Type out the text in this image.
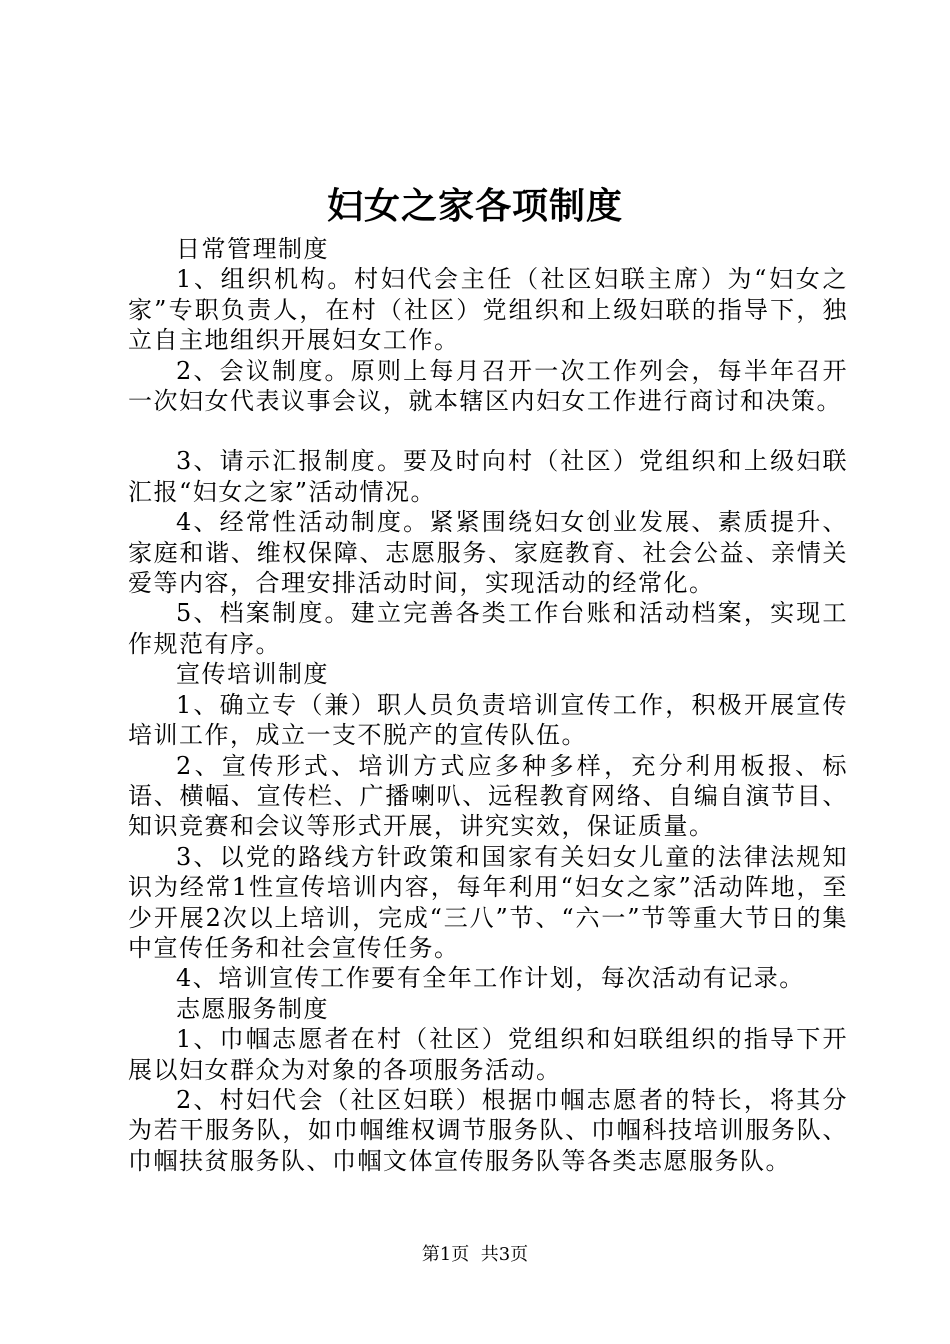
妇女之家各项制度

日常管理制度

1、组织机构。村妇代会主任（社区妇联主席）为“妇女之家”专职负责人，在村（社区）党组织和上级妇联的指导下，独立自主地组织开展妇女工作。

2、会议制度。原则上每月召开一次工作列会，每半年召开一次妇女代表议事会议，就本辖区内妇女工作进行商讨和决策。

3、请示汇报制度。要及时向村（社区）党组织和上级妇联汇报“妇女之家”活动情况。

4、经常性活动制度。紧紧围绕妇女创业发展、素质提升、家庭和谐、维权保障、志愿服务、家庭教育、社会公益、亲情关爱等内容，合理安排活动时间，实现活动的经常化。

5、档案制度。建立完善各类工作台账和活动档案，实现工作规范有序。

宣传培训制度

1、确立专（兼）职人员负责培训宣传工作，积极开展宣传培训工作，成立一支不脱产的宣传队伍。

2、宣传形式、培训方式应多种多样，充分利用板报、标语、横幅、宣传栏、广播喇叭、远程教育网络、自编自演节目、知识竞赛和会议等形式开展，讲究实效，保证质量。

3、以党的路线方针政策和国家有关妇女儿童的法律法规知识为经常1性宣传培训内容，每年利用“妇女之家”活动阵地，至少开展2次以上培训，完成“三八”节、“六一”节等重大节日的集中宣传任务和社会宣传任务。

4、培训宣传工作要有全年工作计划，每次活动有记录。

志愿服务制度

1、巾帼志愿者在村（社区）党组织和妇联组织的指导下开展以妇女群众为对象的各项服务活动。

2、村妇代会（社区妇联）根据巾帼志愿者的特长，将其分为若干服务队，如巾帼维权调节服务队、巾帼科技培训服务队、巾帼扶贫服务队、巾帼文体宣传服务队等各类志愿服务队。

第1页  共3页
